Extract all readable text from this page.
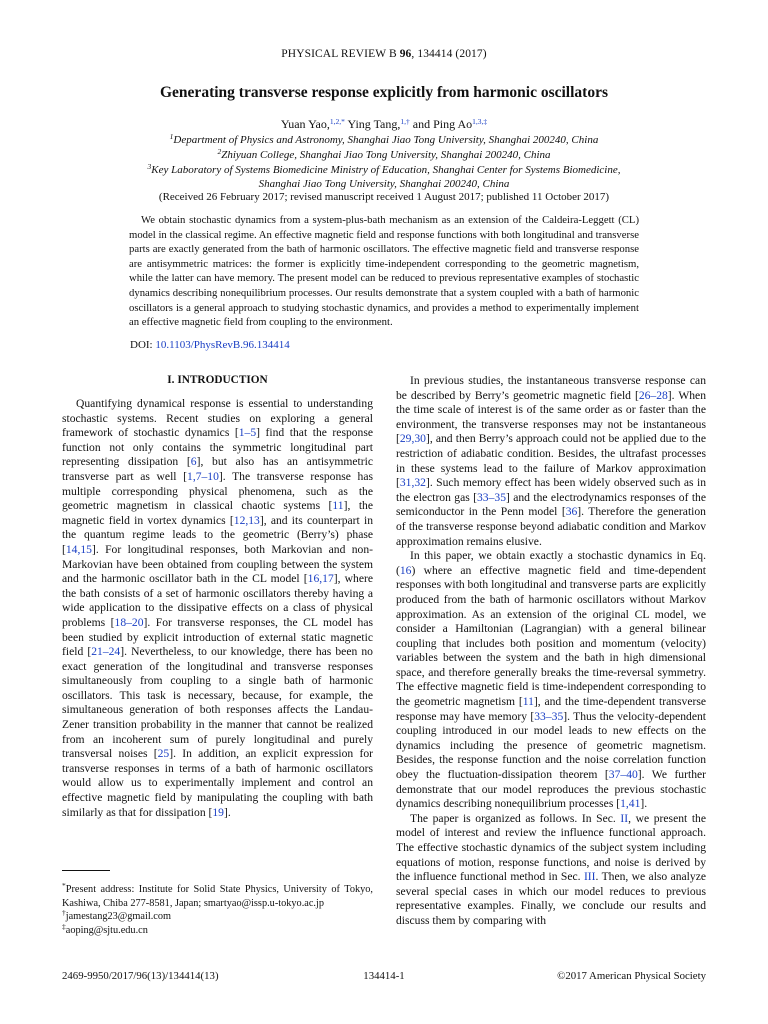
PHYSICAL REVIEW B 96, 134414 (2017)
Generating transverse response explicitly from harmonic oscillators
Yuan Yao,$^{1,2,*}$ Ying Tang,$^{1,\dagger}$ and Ping $Ao^{1,3,\ddagger}$
$^1$Department of Physics and Astronomy, Shanghai Jiao Tong University, Shanghai 200240, China
$^2$Zhiyuan College, Shanghai Jiao Tong University, Shanghai 200240, China
$^3$Key Laboratory of Systems Biomedicine Ministry of Education, Shanghai Center for Systems Biomedicine,
Shanghai Jiao Tong University, Shanghai 200240, China
(Received 26 February 2017; revised manuscript received 1 August 2017; published 11 October 2017)
We obtain stochastic dynamics from a system-plus-bath mechanism as an extension of the Caldeira-Leggett (CL) model in the classical regime. An effective magnetic field and response functions with both longitudinal and transverse parts are exactly generated from the bath of harmonic oscillators. The effective magnetic field and transverse response are antisymmetric matrices: the former is explicitly time-independent corresponding to the geometric magnetism, while the latter can have memory. The present model can be reduced to previous representative examples of stochastic dynamics describing nonequilibrium processes. Our results demonstrate that a system coupled with a bath of harmonic oscillators is a general approach to studying stochastic dynamics, and provides a method to experimentally implement an effective magnetic field from coupling to the environment.
DOI: 10.1103/PhysRevB.96.134414
I. INTRODUCTION

Quantifying dynamical response is essential to understanding stochastic systems. Recent studies on exploring a general framework of stochastic dynamics [1–5] find that the response function not only contains the symmetric longitudinal part representing dissipation [6], but also has an antisymmetric transverse part as well [1,7–10]. The transverse response has multiple corresponding physical phenomena, such as the geometric magnetism in classical chaotic systems [11], the magnetic field in vortex dynamics [12,13], and its counterpart in the quantum regime leads to the geometric (Berry’s) phase [14,15]. For longitudinal responses, both Markovian and non-Markovian have been obtained from coupling between the system and the harmonic oscillator bath in the CL model [16,17], where the bath consists of a set of harmonic oscillators thereby having a wide application to the dissipative effects on a class of physical problems [18–20]. For transverse responses, the CL model has been studied by explicit introduction of external static magnetic field [21–24]. Nevertheless, to our knowledge, there has been no exact generation of the longitudinal and transverse responses simultaneously from coupling to a single bath of harmonic oscillators. This task is necessary, because, for example, the simultaneous generation of both responses affects the Landau-Zener transition probability in the manner that cannot be realized from an incoherent sum of purely longitudinal and purely transversal noises [25]. In addition, an explicit expression for transverse responses in terms of a bath of harmonic oscillators would allow us to experimentally implement and control an effective magnetic field by manipulating the coupling with bath similarly as that for dissipation [19].

*Present address: Institute for Solid State Physics, University of Tokyo, Kashiwa, Chiba 277-8581, Japan; smartyao@issp.u-tokyo.ac.jp
†jamestang23@gmail.com
‡aoping@sjtu.edu.cn

In previous studies, the instantaneous transverse response can be described by Berry’s geometric magnetic field [26–28]. When the time scale of interest is of the same order as or faster than the environment, the transverse responses may not be instantaneous [29,30], and then Berry’s approach could not be applied due to the restriction of adiabatic condition. Besides, the ultrafast processes in these systems lead to the failure of Markov approximation [31,32]. Such memory effect has been widely observed such as in the electron gas [33–35] and the electrodynamics responses of the semiconductor in the Penn model [36]. Therefore the generation of the transverse response beyond adiabatic condition and Markov approximation remains elusive.

In this paper, we obtain exactly a stochastic dynamics in Eq. (16) where an effective magnetic field and time-dependent responses with both longitudinal and transverse parts are explicitly produced from the bath of harmonic oscillators without Markov approximation. As an extension of the original CL model, we consider a Hamiltonian (Lagrangian) with a general bilinear coupling that includes both position and momentum (velocity) variables between the system and the bath in high dimensional space, and therefore generally breaks the time-reversal symmetry. The effective magnetic field is time-independent corresponding to the geometric magnetism [11], and the time-dependent transverse response may have memory [33–35]. Thus the velocity-dependent coupling introduced in our model leads to new effects on the dynamics including the presence of geometric magnetism. Besides, the response function and the noise correlation function obey the fluctuation-dissipation theorem [37–40]. We further demonstrate that our model reproduces the previous stochastic dynamics describing nonequilibrium processes [1,41].

The paper is organized as follows. In Sec. II, we present the model of interest and review the influence functional approach. The effective stochastic dynamics of the subject system including equations of motion, response functions, and noise is derived by the influence functional method in Sec. III. Then, we also analyze several special cases in which our model reduces to previous representative examples. Finally, we conclude our results and discuss them by comparing with

2469-9950/2017/96(13)/134414(13)	134414-1	©2017 American Physical Society
